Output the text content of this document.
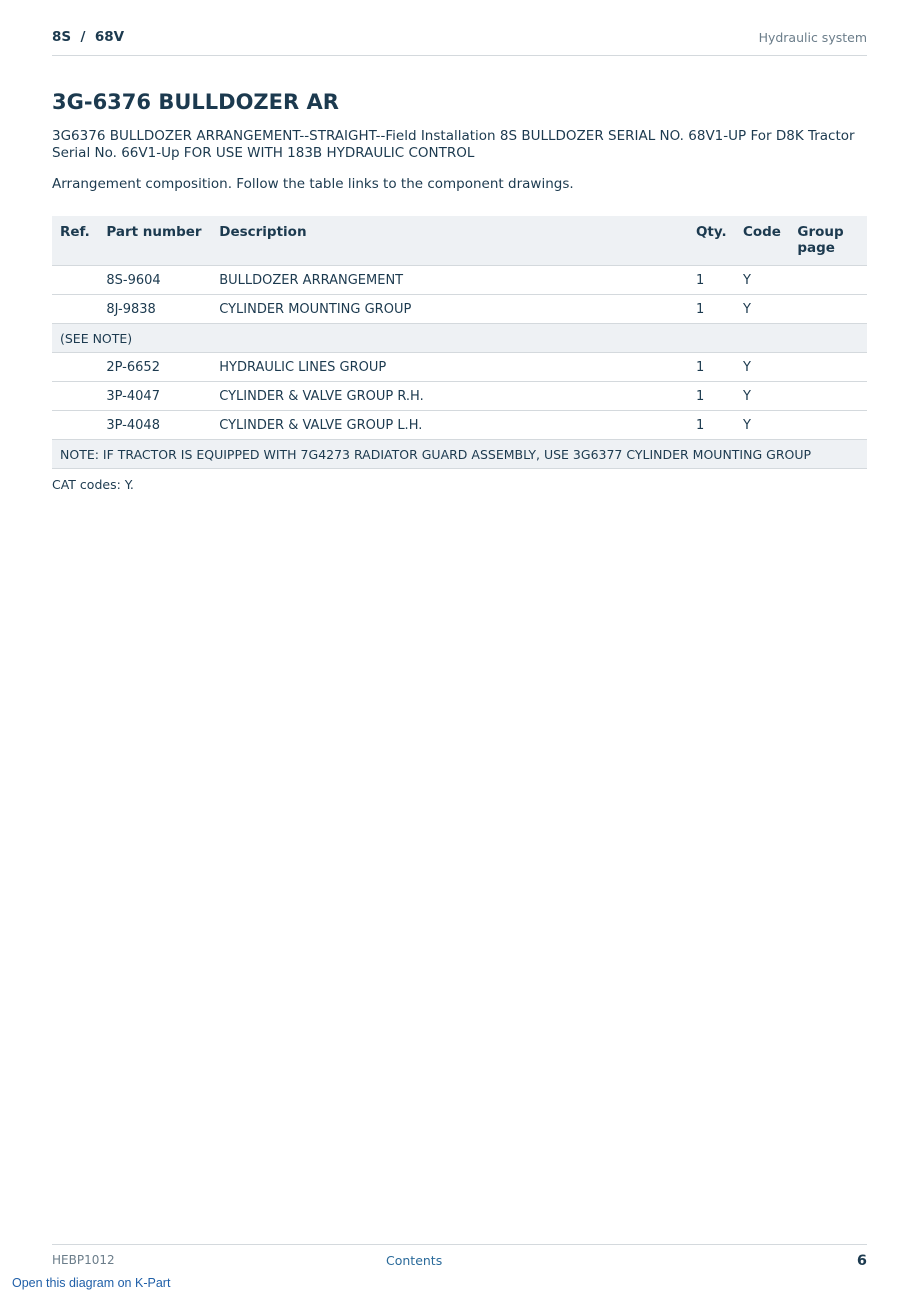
8S  /  68V	Hydraulic system
3G-6376 BULLDOZER AR

3G6376 BULLDOZER ARRANGEMENT--STRAIGHT--Field Installation 8S BULLDOZER SERIAL NO. 68V1-UP For D8K Tractor Serial No. 66V1-Up FOR USE WITH 183B HYDRAULIC CONTROL

Arrangement composition. Follow the table links to the component drawings.

Ref.	Part number	Description	Qty.	Code	Group page
	8S-9604	BULLDOZER ARRANGEMENT	1	Y	
	8J-9838	CYLINDER MOUNTING GROUP	1	Y	
(SEE NOTE)					
	2P-6652	HYDRAULIC LINES GROUP	1	Y	
	3P-4047	CYLINDER & VALVE GROUP R.H.	1	Y	
	3P-4048	CYLINDER & VALVE GROUP L.H.	1	Y	
NOTE: IF TRACTOR IS EQUIPPED WITH 7G4273 RADIATOR GUARD ASSEMBLY, USE 3G6377 CYLINDER MOUNTING GROUP					

CAT codes: Y.

HEBP1012	Contents	6
Open this diagram on K-Part
